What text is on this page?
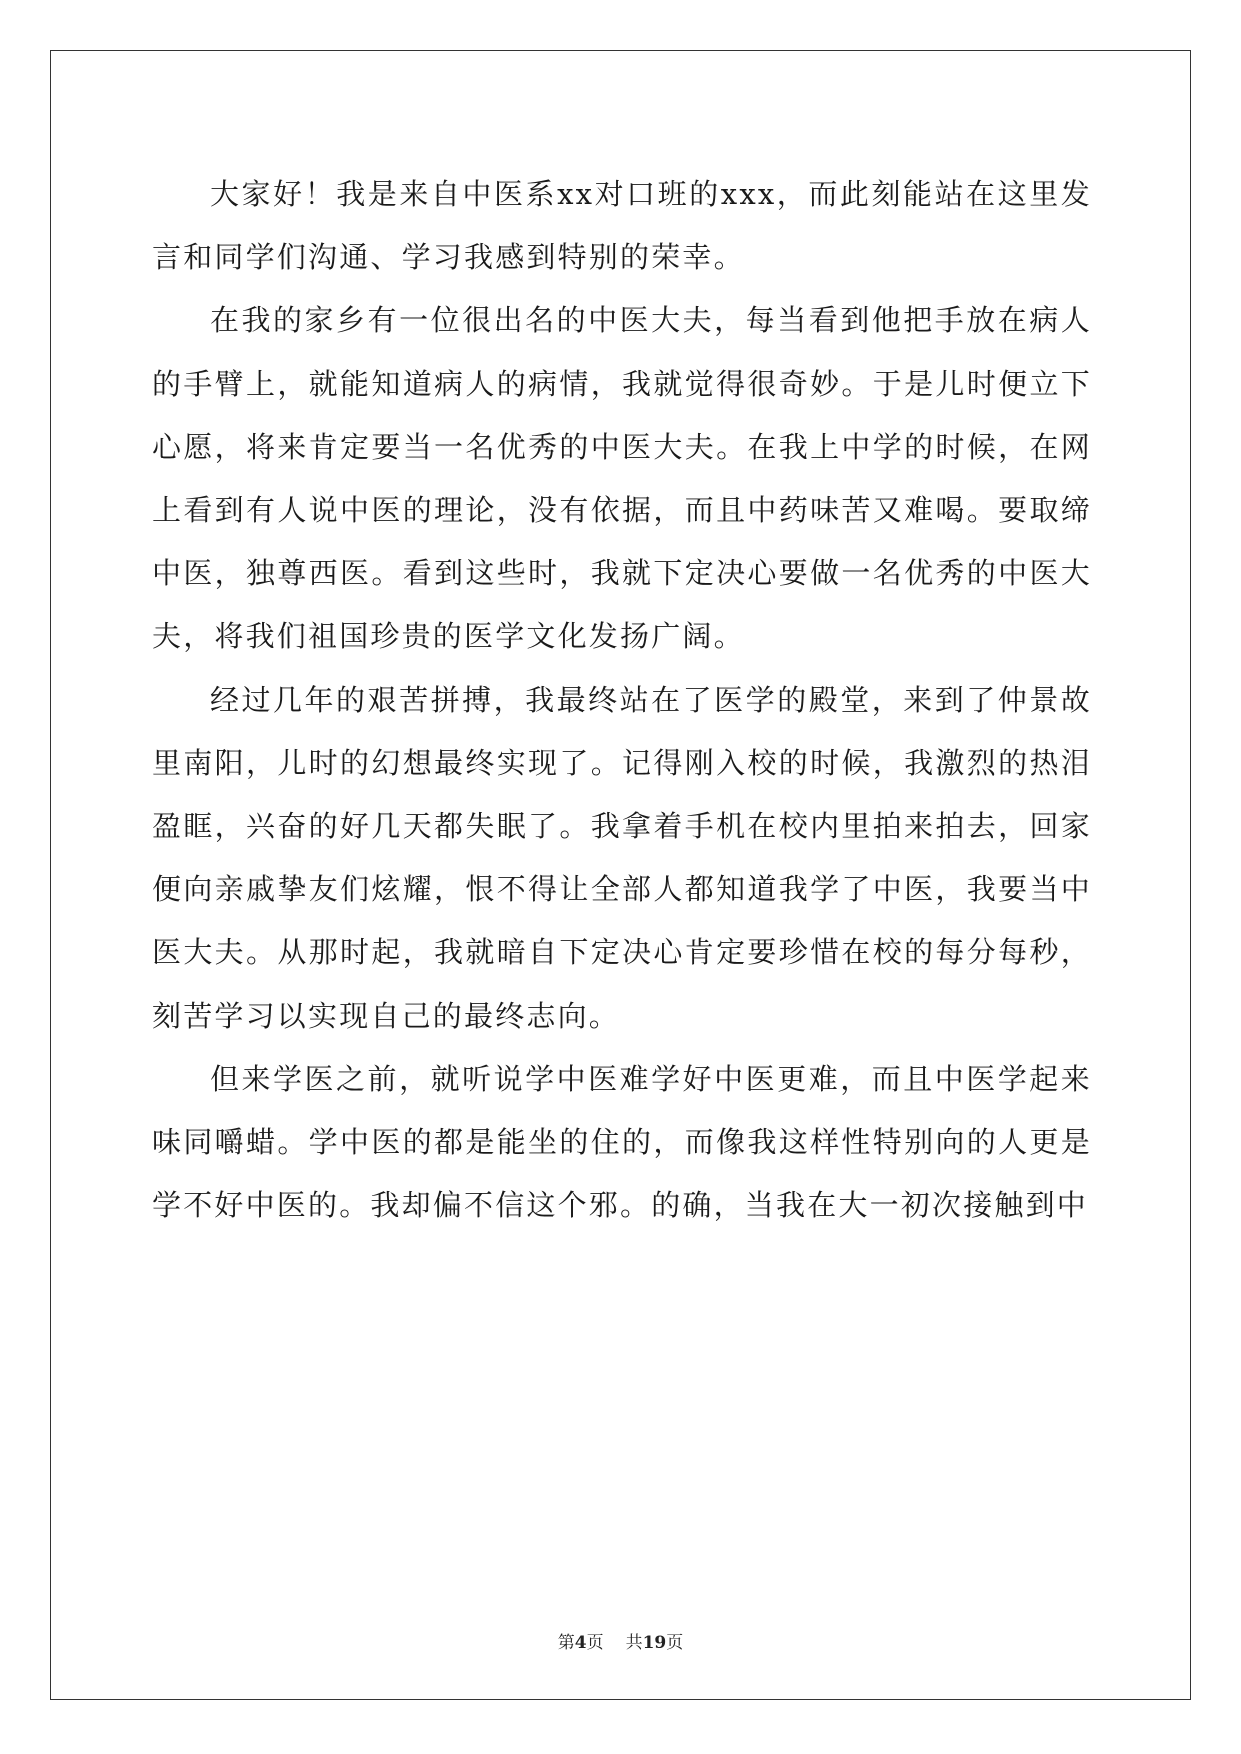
大家好！我是来自中医系xx对口班的xxx，而此刻能站在这里发言和同学们沟通、学习我感到特别的荣幸。

在我的家乡有一位很出名的中医大夫，每当看到他把手放在病人的手臂上，就能知道病人的病情，我就觉得很奇妙。于是儿时便立下心愿，将来肯定要当一名优秀的中医大夫。在我上中学的时候，在网上看到有人说中医的理论，没有依据，而且中药味苦又难喝。要取缔中医，独尊西医。看到这些时，我就下定决心要做一名优秀的中医大夫，将我们祖国珍贵的医学文化发扬广阔。

经过几年的艰苦拼搏，我最终站在了医学的殿堂，来到了仲景故里南阳，儿时的幻想最终实现了。记得刚入校的时候，我激烈的热泪盈眶，兴奋的好几天都失眠了。我拿着手机在校内里拍来拍去，回家便向亲戚挚友们炫耀，恨不得让全部人都知道我学了中医，我要当中医大夫。从那时起，我就暗自下定决心肯定要珍惜在校的每分每秒，刻苦学习以实现自己的最终志向。

但来学医之前，就听说学中医难学好中医更难，而且中医学起来味同嚼蜡。学中医的都是能坐的住的，而像我这样性特别向的人更是学不好中医的。我却偏不信这个邪。的确，当我在大一初次接触到中

第4页 共19页
